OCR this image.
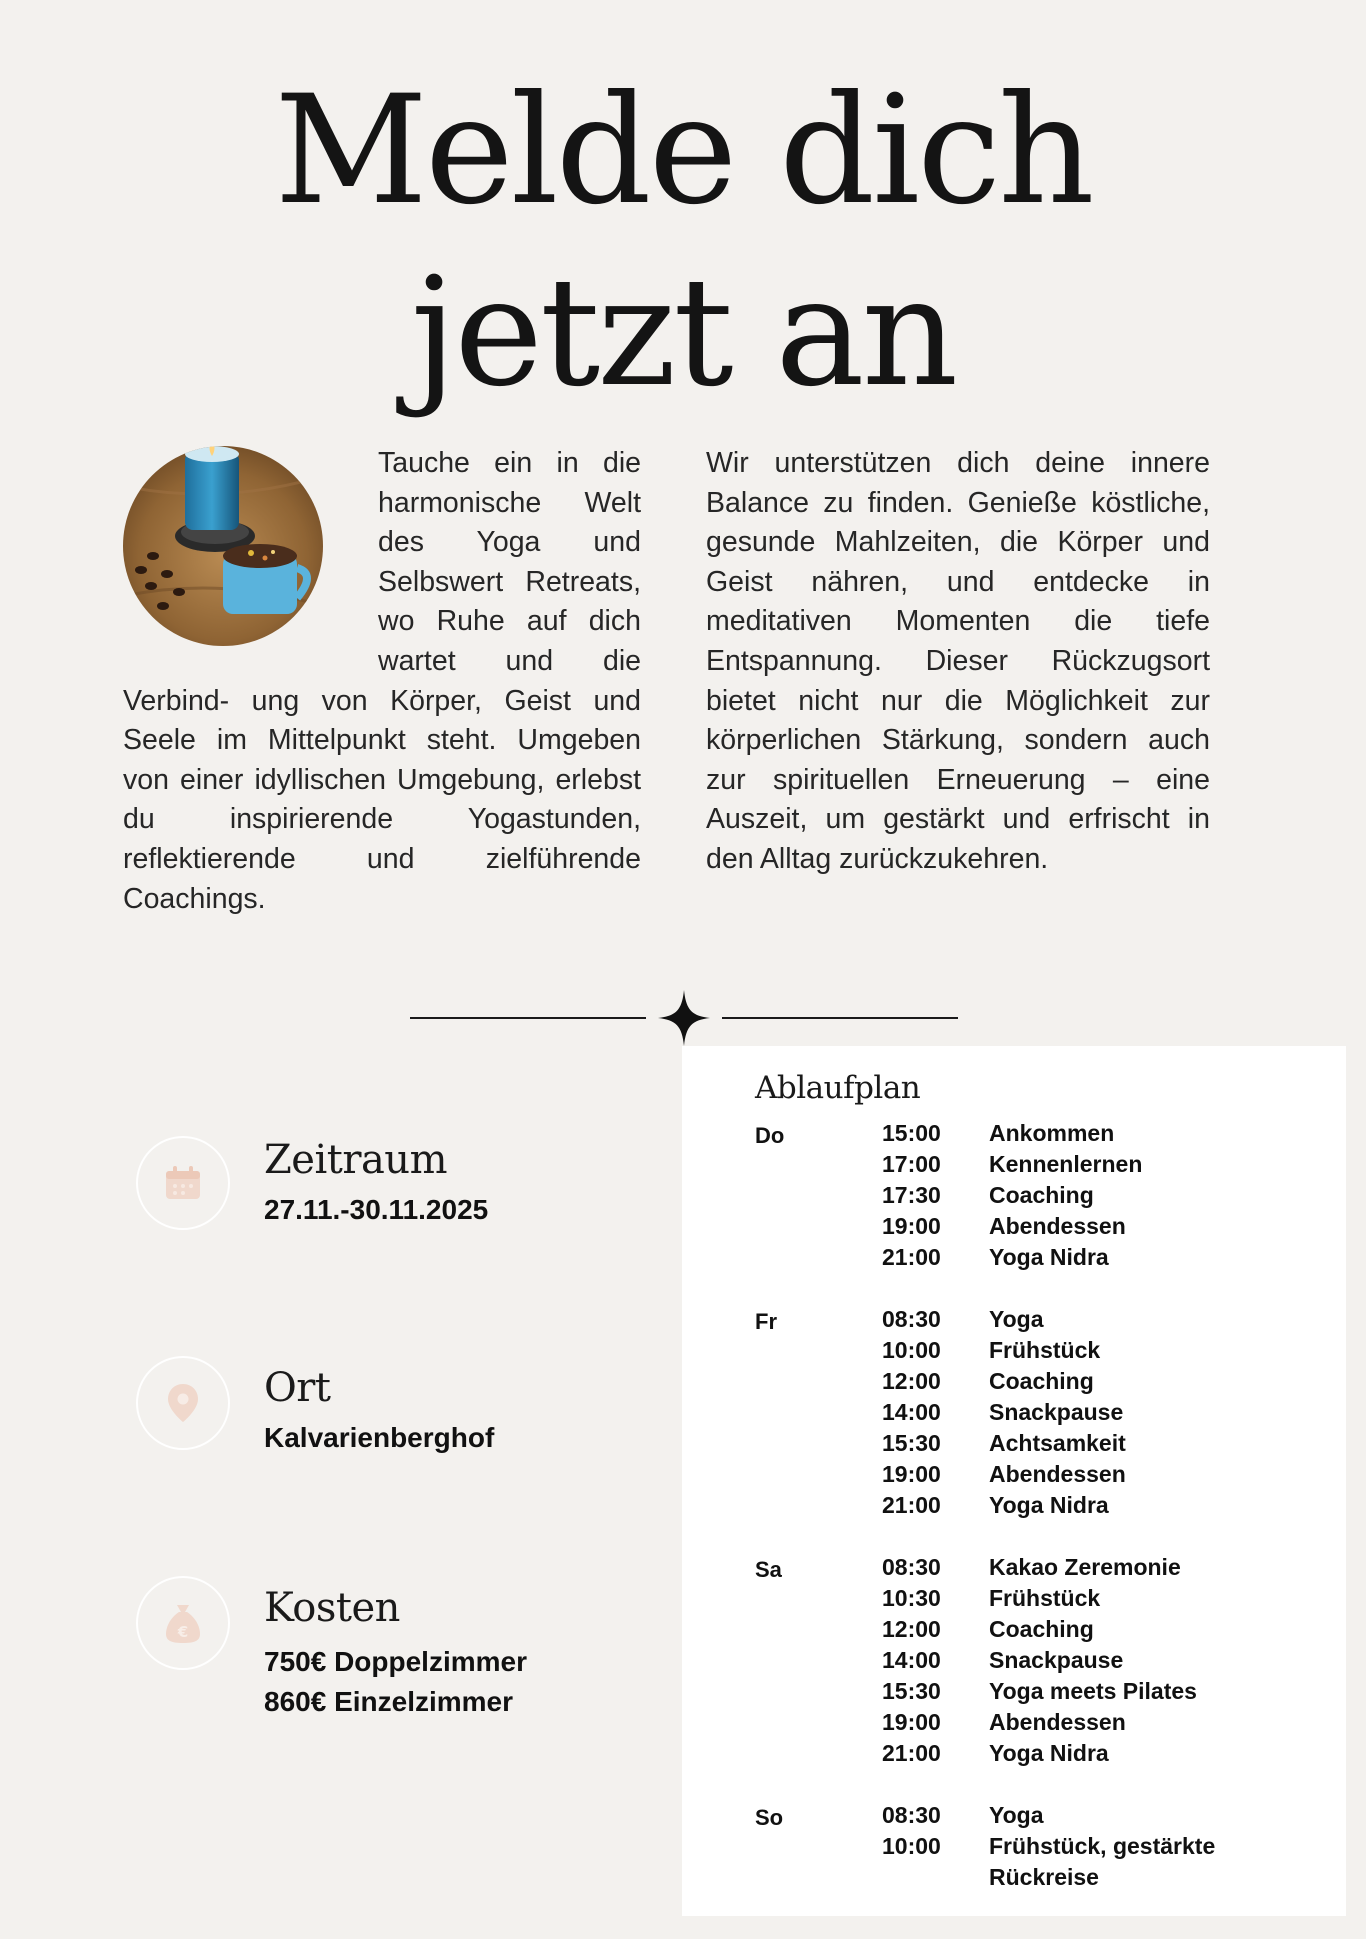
Melde dich
jetzt an
Tauche ein in die harmonische Welt des Yoga und Selbswert Retreats, wo Ruhe auf dich wartet und die Verbind- ung von Körper, Geist und Seele im Mittelpunkt steht. Umgeben von einer idyllischen Umgebung, erlebst du inspirierende Yogastunden, reflektierende und zielführende Coachings.

Wir unterstützen dich deine innere Balance zu finden. Genieße köstliche, gesunde Mahlzeiten, die Körper und Geist nähren, und entdecke in meditativen Momenten die tiefe Entspannung. Dieser Rückzugsort bietet nicht nur die Möglichkeit zur körperlichen Stärkung, sondern auch zur spirituellen Erneuerung – eine Auszeit, um gestärkt und erfrischt in den Alltag zurückzukehren.

Zeitraum
27.11.-30.11.2025
Ort
Kalvarienberghof
€
Kosten
750€ Doppelzimmer
860€ Einzelzimmer
Ablaufplan
Do	15:00	Ankommen
17:00	Kennenlernen
17:30	Coaching
19:00	Abendessen
21:00	Yoga Nidra
Fr	08:30	Yoga
10:00	Frühstück
12:00	Coaching
14:00	Snackpause
15:30	Achtsamkeit
19:00	Abendessen
21:00	Yoga Nidra
Sa	08:30	Kakao Zeremonie
10:30	Frühstück
12:00	Coaching
14:00	Snackpause
15:30	Yoga meets Pilates
19:00	Abendessen
21:00	Yoga Nidra
So	08:30	Yoga
10:00	Frühstück, gestärkte
Rückreise
